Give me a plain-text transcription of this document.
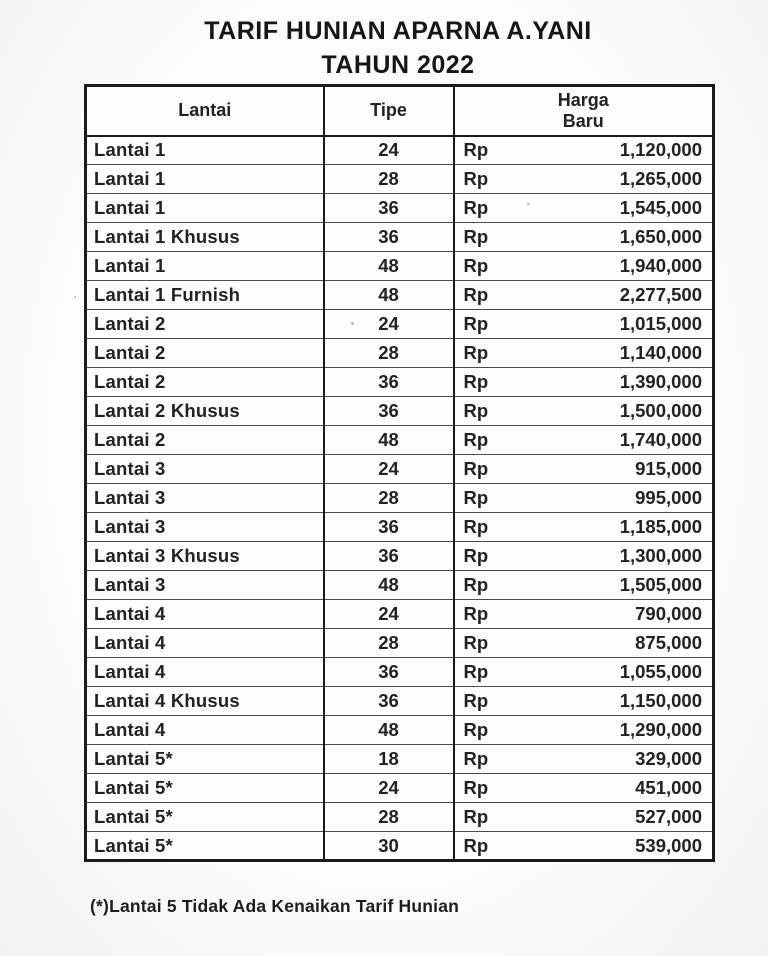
TARIF HUNIAN APARNA A.YANI
TAHUN 2022
Lantai	Tipe	Harga
Baru

Lantai 1	24	Rp 1,120,000

Lantai 1	28	Rp 1,265,000

Lantai 1	36	Rp 1,545,000

Lantai 1 Khusus	36	Rp 1,650,000

Lantai 1	48	Rp 1,940,000

Lantai 1 Furnish	48	Rp 2,277,500

Lantai 2	24	Rp 1,015,000

Lantai 2	28	Rp 1,140,000

Lantai 2	36	Rp 1,390,000

Lantai 2 Khusus	36	Rp 1,500,000

Lantai 2	48	Rp 1,740,000

Lantai 3	24	Rp 915,000

Lantai 3	28	Rp 995,000

Lantai 3	36	Rp 1,185,000

Lantai 3 Khusus	36	Rp 1,300,000

Lantai 3	48	Rp 1,505,000

Lantai 4	24	Rp 790,000

Lantai 4	28	Rp 875,000

Lantai 4	36	Rp 1,055,000

Lantai 4 Khusus	36	Rp 1,150,000

Lantai 4	48	Rp 1,290,000

Lantai 5*	18	Rp 329,000

Lantai 5*	24	Rp 451,000

Lantai 5*	28	Rp 527,000

Lantai 5*	30	Rp 539,000
(*)Lantai 5 Tidak Ada Kenaikan Tarif Hunian
